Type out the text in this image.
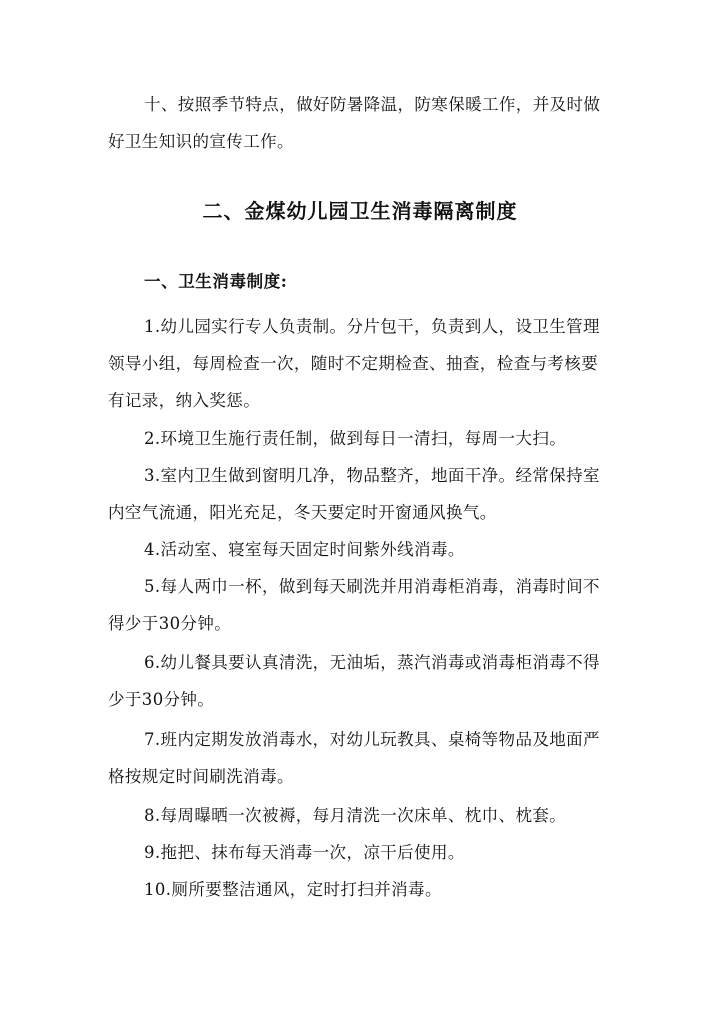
十、按照季节特点，做好防暑降温，防寒保暖工作，并及时做好卫生知识的宣传工作。

二、金煤幼儿园卫生消毒隔离制度
一、卫生消毒制度:

1.幼儿园实行专人负责制。分片包干，负责到人，设卫生管理领导小组，每周检查一次，随时不定期检查、抽查，检查与考核要有记录，纳入奖惩。

2.环境卫生施行责任制，做到每日一清扫，每周一大扫。

3.室内卫生做到窗明几净，物品整齐，地面干净。经常保持室内空气流通，阳光充足，冬天要定时开窗通风换气。

4.活动室、寝室每天固定时间紫外线消毒。

5.每人两巾一杯，做到每天刷洗并用消毒柜消毒，消毒时间不得少于30分钟。

6.幼儿餐具要认真清洗，无油垢，蒸汽消毒或消毒柜消毒不得少于30分钟。

7.班内定期发放消毒水，对幼儿玩教具、桌椅等物品及地面严格按规定时间刷洗消毒。

8.每周曝晒一次被褥，每月清洗一次床单、枕巾、枕套。

9.拖把、抹布每天消毒一次，凉干后使用。

10.厕所要整洁通风，定时打扫并消毒。
